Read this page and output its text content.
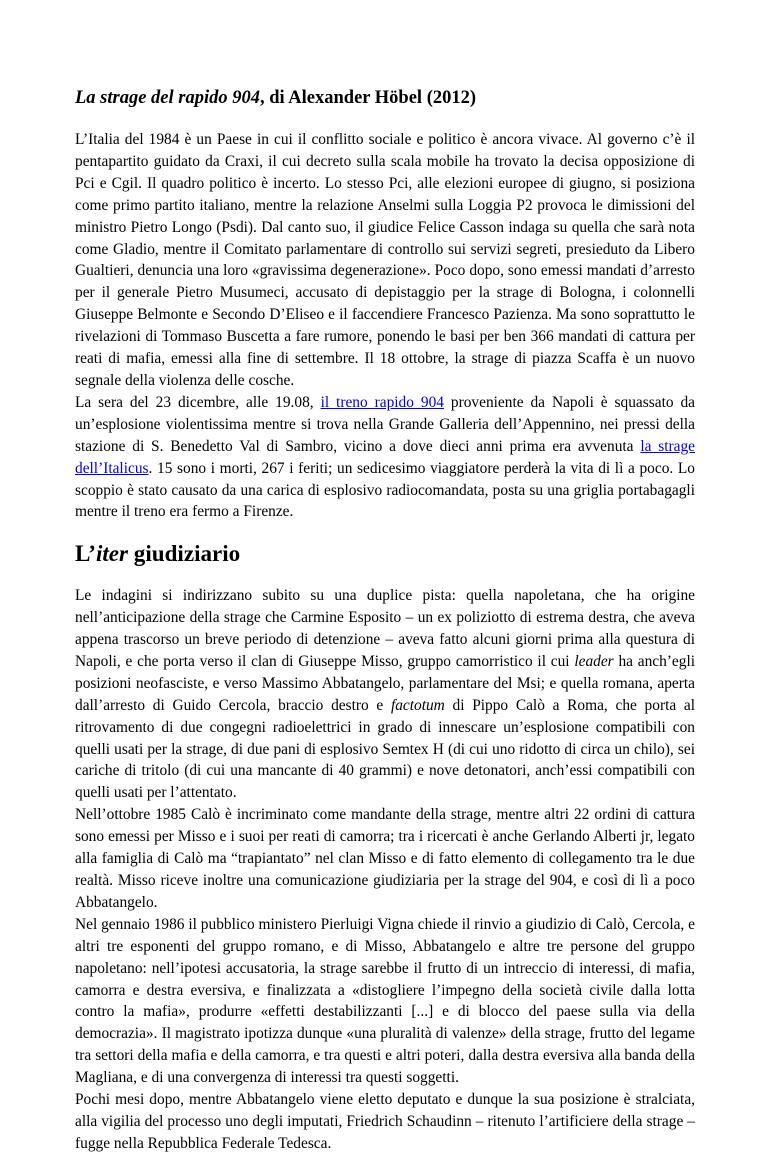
La strage del rapido 904, di Alexander Höbel (2012)

L’Italia del 1984 è un Paese in cui il conflitto sociale e politico è ancora vivace. Al governo c’è il pentapartito guidato da Craxi, il cui decreto sulla scala mobile ha trovato la decisa opposizione di Pci e Cgil. Il quadro politico è incerto. Lo stesso Pci, alle elezioni europee di giugno, si posiziona come primo partito italiano, mentre la relazione Anselmi sulla Loggia P2 provoca le dimissioni del ministro Pietro Longo (Psdi). Dal canto suo, il giudice Felice Casson indaga su quella che sarà nota come Gladio, mentre il Comitato parlamentare di controllo sui servizi segreti, presieduto da Libero Gualtieri, denuncia una loro «gravissima degenerazione». Poco dopo, sono emessi mandati d’arresto per il generale Pietro Musumeci, accusato di depistaggio per la strage di Bologna, i colonnelli Giuseppe Belmonte e Secondo D’Eliseo e il faccendiere Francesco Pazienza. Ma sono soprattutto le rivelazioni di Tommaso Buscetta a fare rumore, ponendo le basi per ben 366 mandati di cattura per reati di mafia, emessi alla fine di settembre. Il 18 ottobre, la strage di piazza Scaffa è un nuovo segnale della violenza delle cosche.

La sera del 23 dicembre, alle 19.08, il treno rapido 904 proveniente da Napoli è squassato da un’esplosione violentissima mentre si trova nella Grande Galleria dell’Appennino, nei pressi della stazione di S. Benedetto Val di Sambro, vicino a dove dieci anni prima era avvenuta la strage dell’Italicus. 15 sono i morti, 267 i feriti; un sedicesimo viaggiatore perderà la vita di lì a poco. Lo scoppio è stato causato da una carica di esplosivo radiocomandata, posta su una griglia portabagagli mentre il treno era fermo a Firenze.

L’iter giudiziario

Le indagini si indirizzano subito su una duplice pista: quella napoletana, che ha origine nell’anticipazione della strage che Carmine Esposito – un ex poliziotto di estrema destra, che aveva appena trascorso un breve periodo di detenzione – aveva fatto alcuni giorni prima alla questura di Napoli, e che porta verso il clan di Giuseppe Misso, gruppo camorristico il cui leader ha anch’egli posizioni neofasciste, e verso Massimo Abbatangelo, parlamentare del Msi; e quella romana, aperta dall’arresto di Guido Cercola, braccio destro e factotum di Pippo Calò a Roma, che porta al ritrovamento di due congegni radioelettrici in grado di innescare un’esplosione compatibili con quelli usati per la strage, di due pani di esplosivo Semtex H (di cui uno ridotto di circa un chilo), sei cariche di tritolo (di cui una mancante di 40 grammi) e nove detonatori, anch’essi compatibili con quelli usati per l’attentato.

Nell’ottobre 1985 Calò è incriminato come mandante della strage, mentre altri 22 ordini di cattura sono emessi per Misso e i suoi per reati di camorra; tra i ricercati è anche Gerlando Alberti jr, legato alla famiglia di Calò ma “trapiantato” nel clan Misso e di fatto elemento di collegamento tra le due realtà. Misso riceve inoltre una comunicazione giudiziaria per la strage del 904, e così di lì a poco Abbatangelo.

Nel gennaio 1986 il pubblico ministero Pierluigi Vigna chiede il rinvio a giudizio di Calò, Cercola, e altri tre esponenti del gruppo romano, e di Misso, Abbatangelo e altre tre persone del gruppo napoletano: nell’ipotesi accusatoria, la strage sarebbe il frutto di un intreccio di interessi, di mafia, camorra e destra eversiva, e finalizzata a «distogliere l’impegno della società civile dalla lotta contro la mafia», produrre «effetti destabilizzanti [...] e di blocco del paese sulla via della democrazia». Il magistrato ipotizza dunque «una pluralità di valenze» della strage, frutto del legame tra settori della mafia e della camorra, e tra questi e altri poteri, dalla destra eversiva alla banda della Magliana, e di una convergenza di interessi tra questi soggetti.

Pochi mesi dopo, mentre Abbatangelo viene eletto deputato e dunque la sua posizione è stralciata, alla vigilia del processo uno degli imputati, Friedrich Schaudinn – ritenuto l’artificiere della strage – fugge nella Repubblica Federale Tedesca.
